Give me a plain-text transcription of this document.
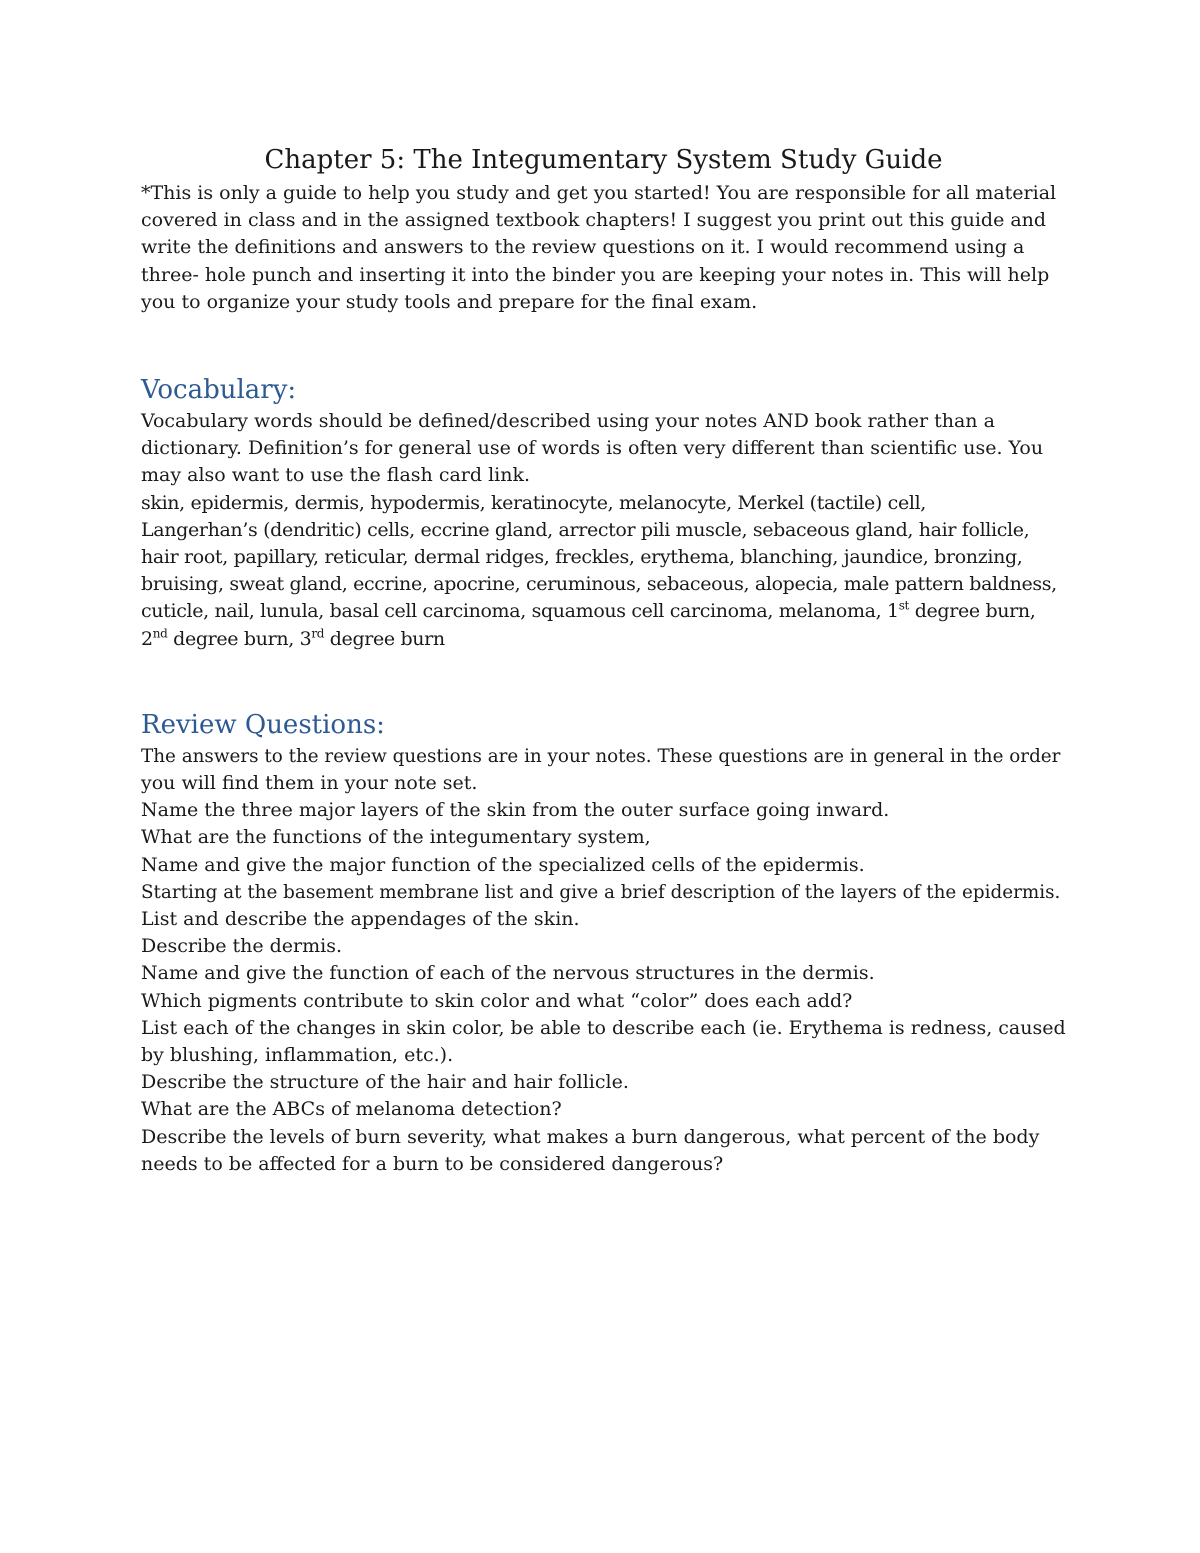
Chapter 5: The Integumentary System Study Guide
*This is only a guide to help you study and get you started! You are responsible for all material
covered in class and in the assigned textbook chapters! I suggest you print out this guide and
write the definitions and answers to the review questions on it. I would recommend using a
three- hole punch and inserting it into the binder you are keeping your notes in. This will help
you to organize your study tools and prepare for the final exam.
Vocabulary:
Vocabulary words should be defined/described using your notes AND book rather than a
dictionary. Definition’s for general use of words is often very different than scientific use. You
may also want to use the flash card link.
skin, epidermis, dermis, hypodermis, keratinocyte, melanocyte, Merkel (tactile) cell,
Langerhan’s (dendritic) cells, eccrine gland, arrector pili muscle, sebaceous gland, hair follicle,
hair root, papillary, reticular, dermal ridges, freckles, erythema, blanching, jaundice, bronzing,
bruising, sweat gland, eccrine, apocrine, ceruminous, sebaceous, alopecia, male pattern baldness,
cuticle, nail, lunula, basal cell carcinoma, squamous cell carcinoma, melanoma, 1st degree burn,
2nd degree burn, 3rd degree burn
Review Questions:
The answers to the review questions are in your notes. These questions are in general in the order
you will find them in your note set.
Name the three major layers of the skin from the outer surface going inward.
What are the functions of the integumentary system,
Name and give the major function of the specialized cells of the epidermis.
Starting at the basement membrane list and give a brief description of the layers of the epidermis.
List and describe the appendages of the skin.
Describe the dermis.
Name and give the function of each of the nervous structures in the dermis.
Which pigments contribute to skin color and what “color” does each add?
List each of the changes in skin color, be able to describe each (ie. Erythema is redness, caused
by blushing, inflammation, etc.).
Describe the structure of the hair and hair follicle.
What are the ABCs of melanoma detection?
Describe the levels of burn severity, what makes a burn dangerous, what percent of the body
needs to be affected for a burn to be considered dangerous?
